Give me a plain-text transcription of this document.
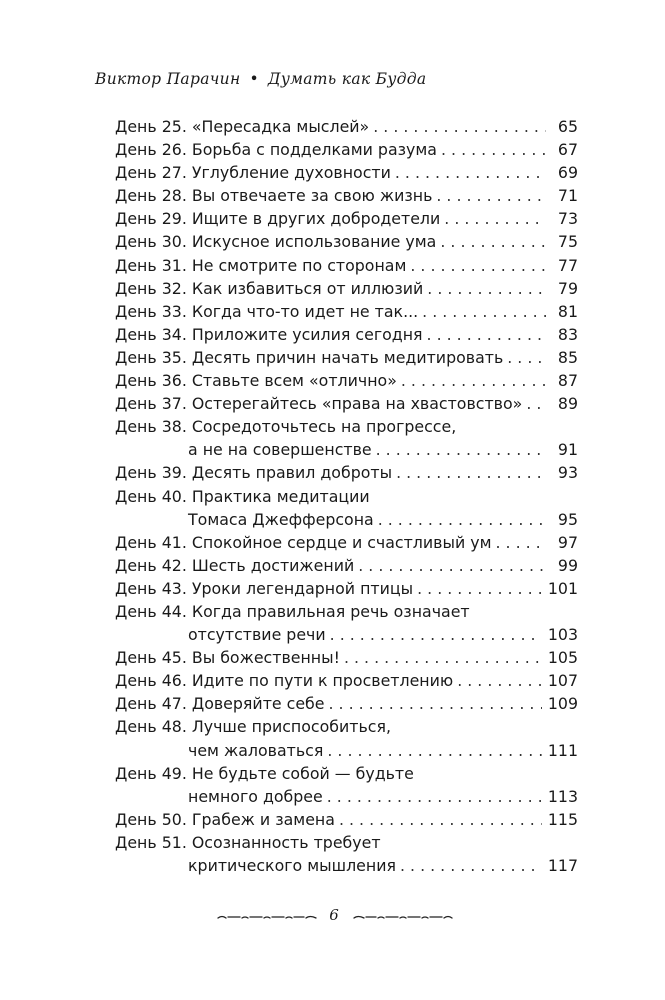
Виктор Парачин • Думать как Будда
День 25. «Пересадка мыслей» . . .	65
День 26. Борьба с подделками разума . . .	67
День 27. Углубление духовности . . .	69
День 28. Вы отвечаете за свою жизнь . . .	71
День 29. Ищите в других добродетели . . .	73
День 30. Искусное использование ума . . .	75
День 31. Не смотрите по сторонам . . .	77
День 32. Как избавиться от иллюзий . . .	79
День 33. Когда что-то идет не так... . . .	81
День 34. Приложите усилия сегодня . . .	83
День 35. Десять причин начать медитировать . . .	85
День 36. Ставьте всем «отлично» . . .	87
День 37. Остерегайтесь «права на хвастовство» . . .	89
День 38. Сосредоточьтесь на прогрессе,
а не на совершенстве . . .	91
День 39. Десять правил доброты . . .	93
День 40. Практика медитации
Томаса Джефферсона . . .	95
День 41. Спокойное сердце и счастливый ум . . .	97
День 42. Шесть достижений . . .	99
День 43. Уроки легендарной птицы . . .	101
День 44. Когда правильная речь означает
отсутствие речи . . .	103
День 45. Вы божественны! . . .	105
День 46. Идите по пути к просветлению . . .	107
День 47. Доверяйте себе . . .	109
День 48. Лучше приспособиться,
чем жаловаться . . .	111
День 49. Не будьте собой — будьте
немного добрее . . .	113
День 50. Грабеж и замена . . .	115
День 51. Осознанность требует
критического мышления . . .	117
6
